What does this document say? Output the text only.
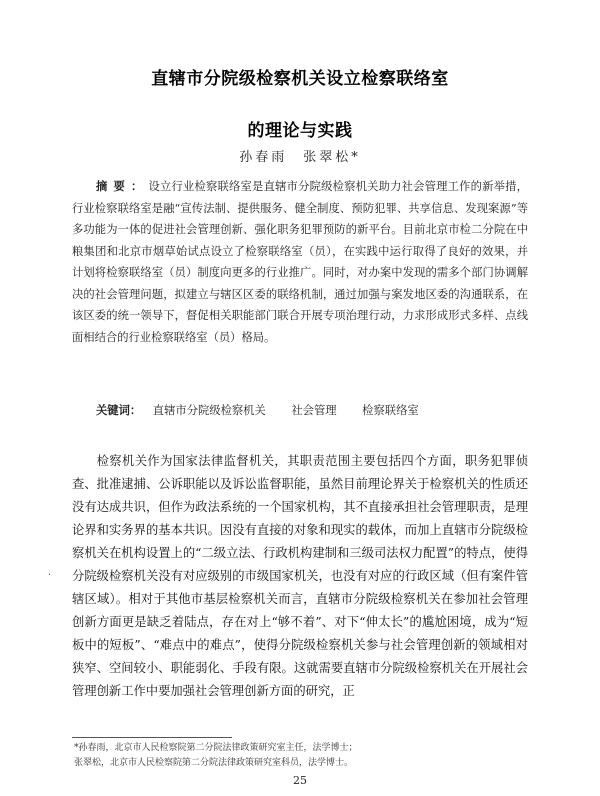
直辖市分院级检察机关设立检察联络室
的理论与实践
孙春雨　张翠松*
摘要：设立行业检察联络室是直辖市分院级检察机关助力社会管理工作的新举措，行业检察联络室是融“宣传法制、提供服务、健全制度、预防犯罪、共享信息、发现案源”等多功能为一体的促进社会管理创新、强化职务犯罪预防的新平台。目前北京市检二分院在中粮集团和北京市烟草始试点设立了检察联络室（员），在实践中运行取得了良好的效果，并计划将检察联络室（员）制度向更多的行业推广。同时，对办案中发现的需多个部门协调解决的社会管理问题，拟建立与辖区区委的联络机制，通过加强与案发地区委的沟通联系，在该区委的统一领导下，督促相关职能部门联合开展专项治理行动，力求形成形式多样、点线面相结合的行业检察联络室（员）格局。
关键词： 直辖市分院级检察机关 社会管理 检察联络室
检察机关作为国家法律监督机关，其职责范围主要包括四个方面，职务犯罪侦查、批准逮捕、公诉职能以及诉讼监督职能，虽然目前理论界关于检察机关的性质还没有达成共识，但作为政法系统的一个国家机构，其不直接承担社会管理职责，是理论界和实务界的基本共识。因没有直接的对象和现实的载体，而加上直辖市分院级检察机关在机构设置上的“二级立法、行政机构建制和三级司法权力配置”的特点，使得分院级检察机关没有对应级别的市级国家机关，也没有对应的行政区域（但有案件管辖区域）。相对于其他市基层检察机关而言，直辖市分院级检察机关在参加社会管理创新方面更是缺乏着陆点，存在对上“够不着”、对下“伸太长”的尴尬困境，成为“短板中的短板”、“难点中的难点”，使得分院级检察机关参与社会管理创新的领域相对狭窄、空间较小、职能弱化、手段有限。这就需要直辖市分院级检察机关在开展社会管理创新工作中要加强社会管理创新方面的研究，正
.
*孙春雨，北京市人民检察院第二分院法律政策研究室主任，法学博士；
张翠松，北京市人民检察院第二分院法律政策研究室科员，法学博士。
25
